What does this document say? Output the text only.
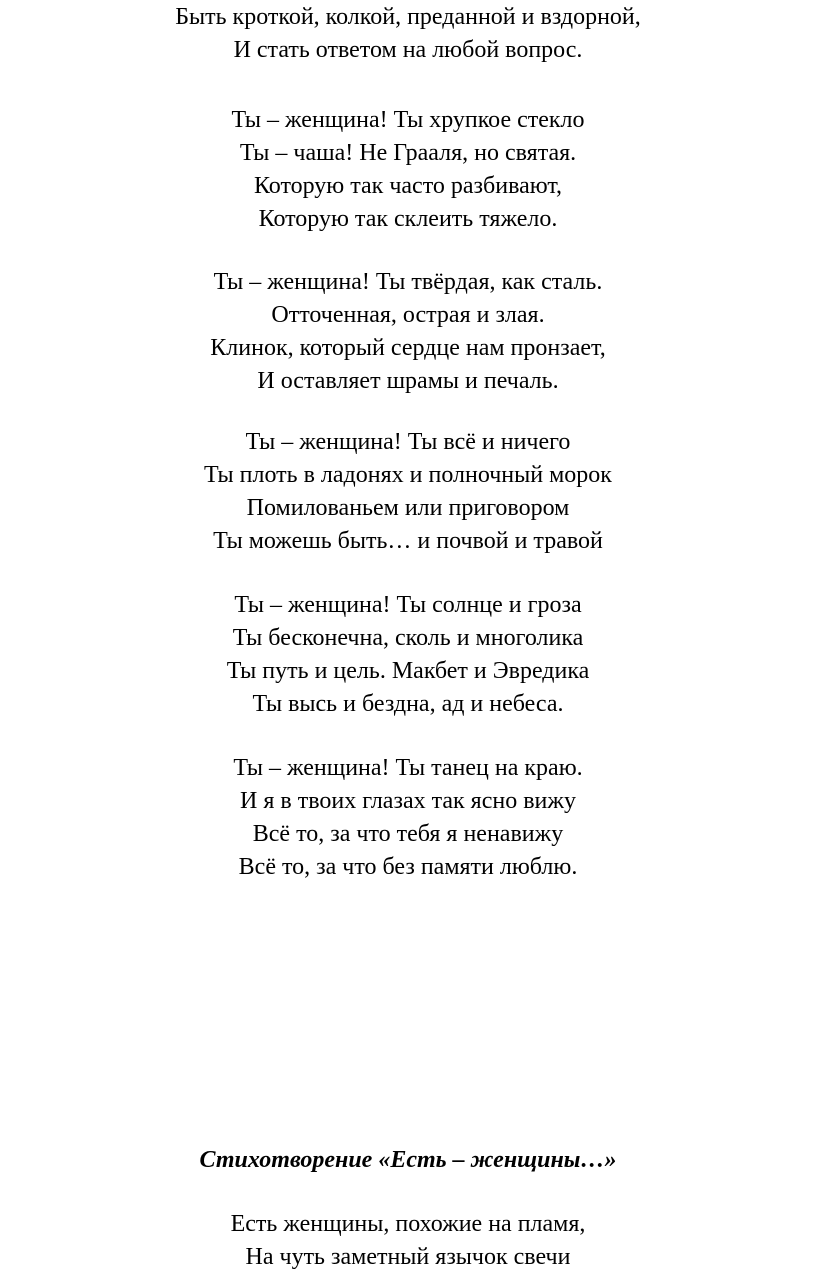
Быть кроткой, колкой, преданной и вздорной,
И стать ответом на любой вопрос.
Ты – женщина! Ты хрупкое стекло
Ты – чаша! Не Грааля, но святая.
Которую так часто разбивают,
Которую так склеить тяжело.
Ты – женщина! Ты твёрдая, как сталь.
Отточенная, острая и злая.
Клинок, который сердце нам пронзает,
И оставляет шрамы и печаль.
Ты – женщина! Ты всё и ничего
Ты плоть в ладонях и полночный морок
Помилованьем или приговором
Ты можешь быть… и почвой и травой
Ты – женщина! Ты солнце и гроза
Ты бесконечна, сколь и многолика
Ты путь и цель. Макбет и Эвредика
Ты высь и бездна, ад и небеса.
Ты – женщина! Ты танец на краю.
И я в твоих глазах так ясно вижу
Всё то, за что тебя я ненавижу
Всё то, за что без памяти люблю.
Стихотворение «Есть – женщины…»
Есть женщины, похожие на пламя,
На чуть заметный язычок свечи
